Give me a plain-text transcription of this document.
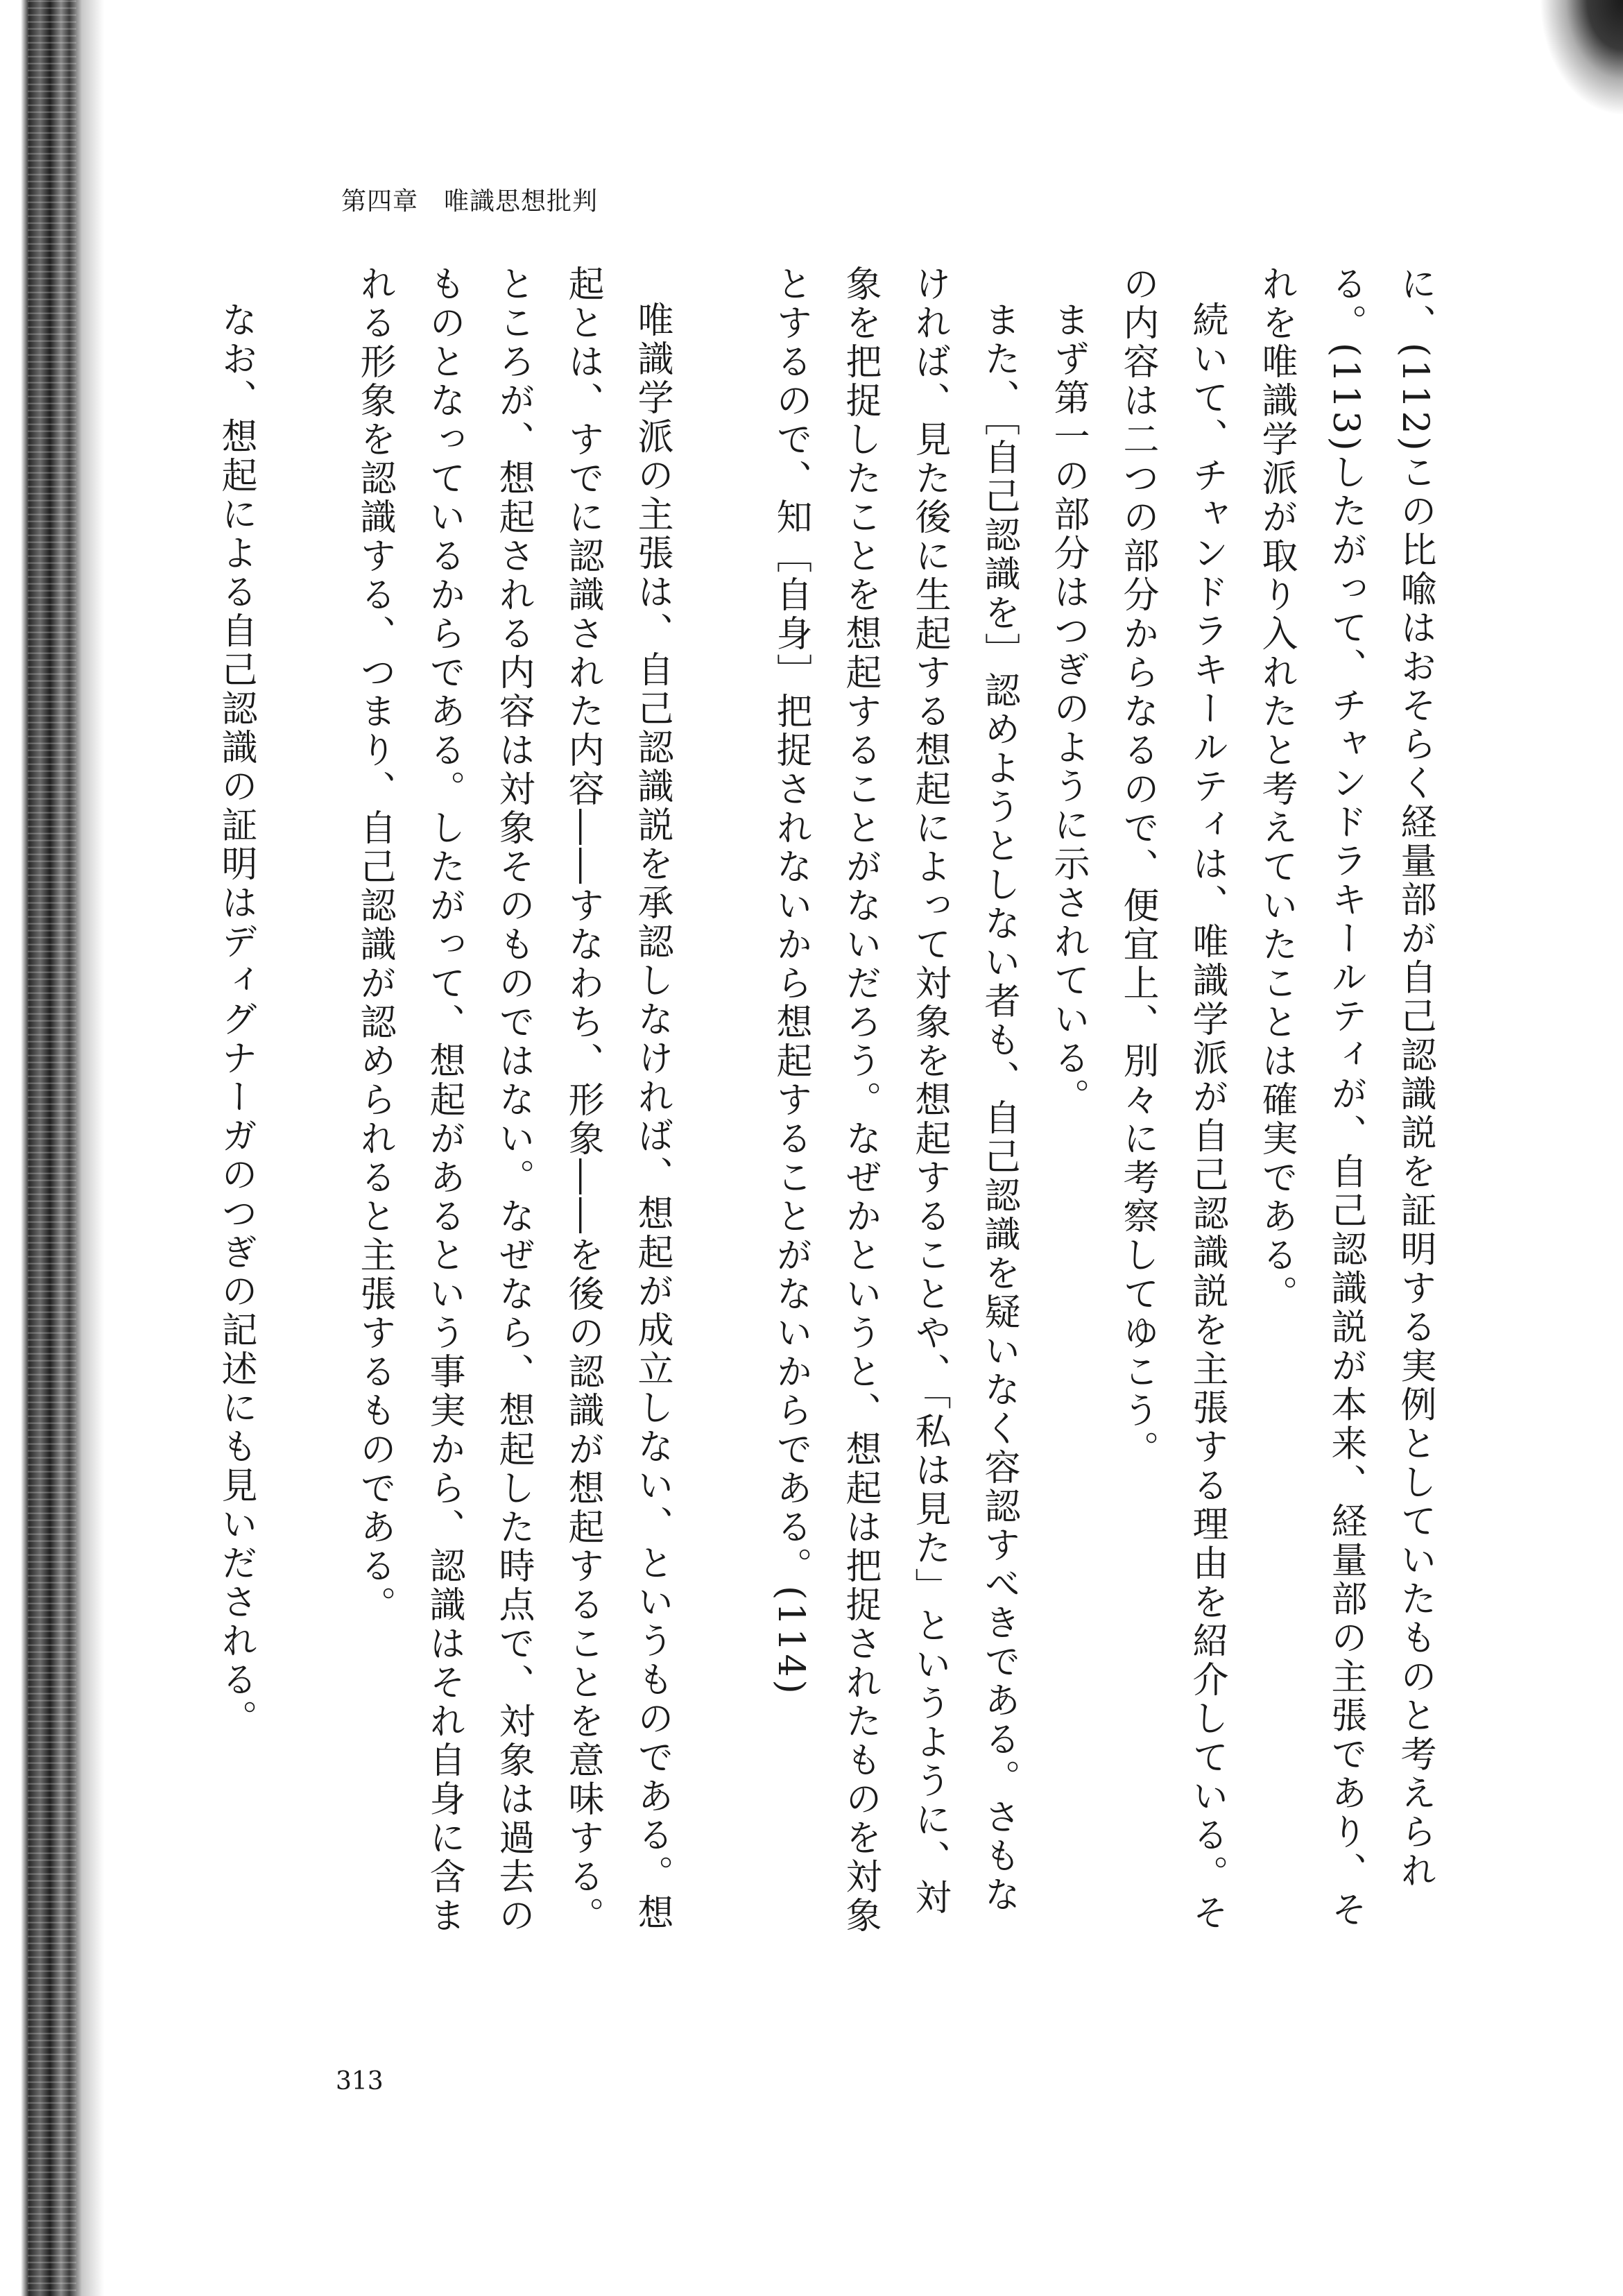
第四章　唯識思想批判

に、(112)この比喩はおそらく経量部が自己認識説を証明する実例としていたものと考えられる。(113)したがって、チャンドラキールティが、自己認識説が本来、経量部の主張であり、それを唯識学派が取り入れたと考えていたことは確実である。

続いて、チャンドラキールティは、唯識学派が自己認識説を主張する理由を紹介している。その内容は二つの部分からなるので、便宜上、別々に考察してゆこう。

まず第一の部分はつぎのように示されている。

また、［自己認識を］認めようとしない者も、自己認識を疑いなく容認すべきである。さもなければ、見た後に生起する想起によって対象を想起することや、「私は見た」というように、対象を把捉したことを想起することがないだろう。なぜかというと、想起は把捉されたものを対象とするので、知［自身］把捉されないから想起することがないからである。(114)

唯識学派の主張は、自己認識説を承認しなければ、想起が成立しない、というものである。想起とは、すでに認識された内容――すなわち、形象――を後の認識が想起することを意味する。ところが、想起される内容は対象そのものではない。なぜなら、想起した時点で、対象は過去のものとなっているからである。したがって、想起があるという事実から、認識はそれ自身に含まれる形象を認識する、つまり、自己認識が認められると主張するものである。

なお、想起による自己認識の証明はディグナーガのつぎの記述にも見いだされる。

313
